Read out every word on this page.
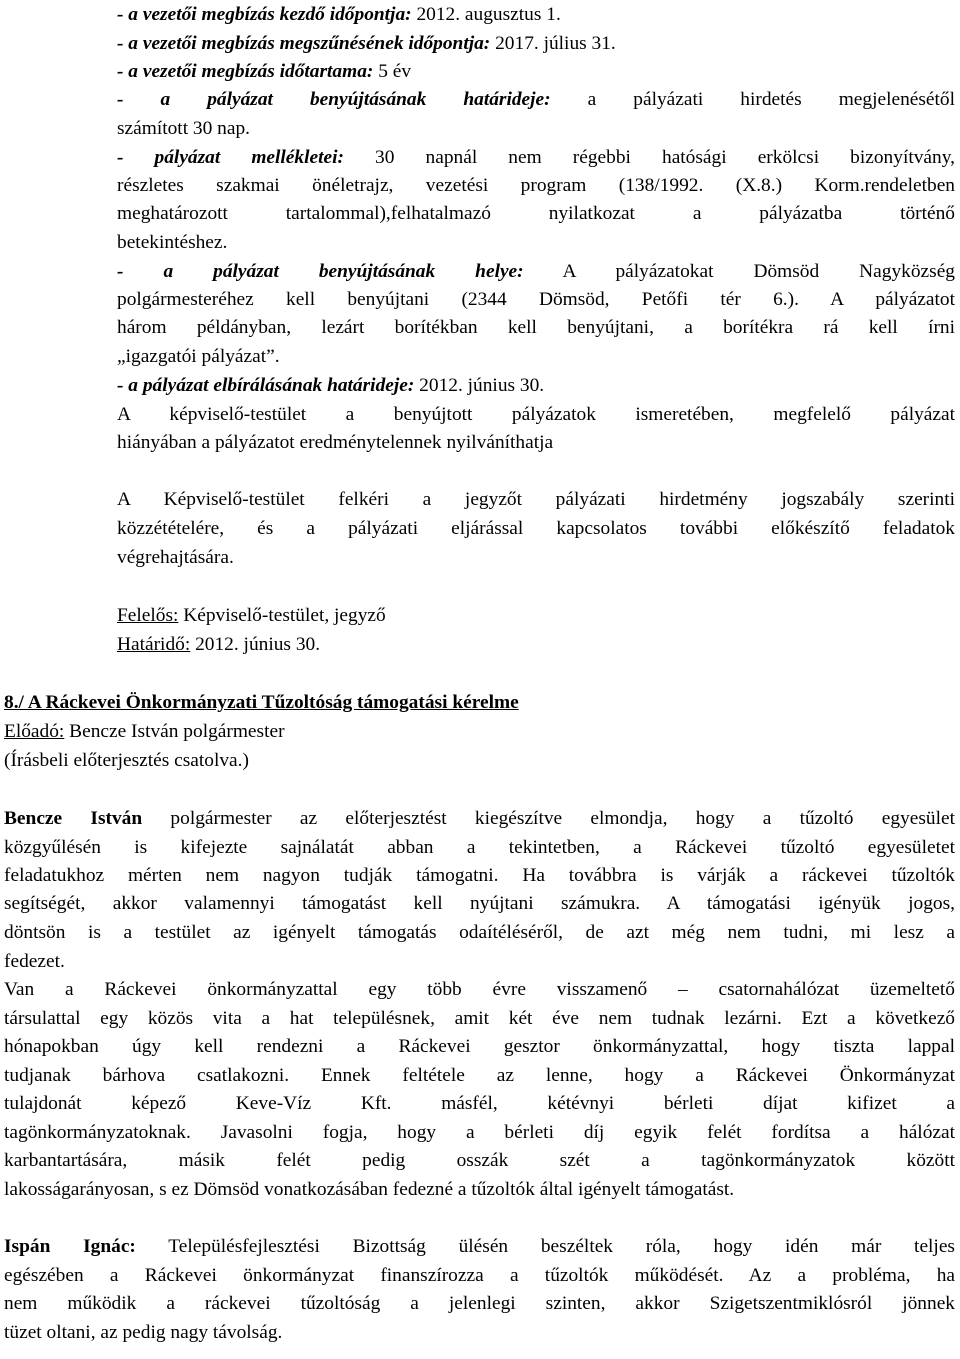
- a vezetői megbízás kezdő időpontja: 2012. augusztus 1.
- a vezetői megbízás megszűnésének időpontja: 2017. július 31.
- a vezetői megbízás időtartama: 5 év
- a pályázat benyújtásának határideje: a pályázati hirdetés megjelenésétől
számított 30 nap.
- pályázat mellékletei: 30 napnál nem régebbi hatósági erkölcsi bizonyítvány,
részletes szakmai önéletrajz, vezetési program (138/1992. (X.8.) Korm.rendeletben
meghatározott tartalommal),felhatalmazó nyilatkozat a pályázatba történő
betekintéshez.
- a pályázat benyújtásának helye: A pályázatokat Dömsöd Nagyközség
polgármesteréhez kell benyújtani (2344 Dömsöd, Petőfi tér 6.). A pályázatot
három példányban, lezárt borítékban kell benyújtani, a borítékra rá kell írni
„igazgatói pályázat”.
- a pályázat elbírálásának határideje: 2012. június 30.
A képviselő-testület a benyújtott pályázatok ismeretében, megfelelő pályázat
hiányában a pályázatot eredménytelennek nyilváníthatja
A Képviselő-testület felkéri a jegyzőt pályázati hirdetmény jogszabály szerinti
közzétételére, és a pályázati eljárással kapcsolatos további előkészítő feladatok
végrehajtására.
Felelős: Képviselő-testület, jegyző
Határidő: 2012. június 30.
8./ A Ráckevei Önkormányzati Tűzoltóság támogatási kérelme
Előadó: Bencze István polgármester
(Írásbeli előterjesztés csatolva.)
Bencze István polgármester az előterjesztést kiegészítve elmondja, hogy a tűzoltó egyesület
közgyűlésén is kifejezte sajnálatát abban a tekintetben, a Ráckevei tűzoltó egyesületet
feladatukhoz mérten nem nagyon tudják támogatni. Ha továbbra is várják a ráckevei tűzoltók
segítségét, akkor valamennyi támogatást kell nyújtani számukra. A támogatási igényük jogos,
döntsön is a testület az igényelt támogatás odaítéléséről, de azt még nem tudni, mi lesz a
fedezet.
Van a Ráckevei önkormányzattal egy több évre visszamenő – csatornahálózat üzemeltető
társulattal egy közös vita a hat településnek, amit két éve nem tudnak lezárni. Ezt a következő
hónapokban úgy kell rendezni a Ráckevei gesztor önkormányzattal, hogy tiszta lappal
tudjanak bárhova csatlakozni. Ennek feltétele az lenne, hogy a Ráckevei Önkormányzat
tulajdonát képező Keve-Víz Kft. másfél, kétévnyi bérleti díjat kifizet a
tagönkormányzatoknak. Javasolni fogja, hogy a bérleti díj egyik felét fordítsa a hálózat
karbantartására, másik felét pedig osszák szét a tagönkormányzatok között
lakosságarányosan, s ez Dömsöd vonatkozásában fedezné a tűzoltók által igényelt támogatást.
Ispán Ignác: Településfejlesztési Bizottság ülésén beszéltek róla, hogy idén már teljes
egészében a Ráckevei önkormányzat finanszírozza a tűzoltók működését. Az a probléma, ha
nem működik a ráckevei tűzoltóság a jelenlegi szinten, akkor Szigetszentmiklósról jönnek
tüzet oltani, az pedig nagy távolság.
